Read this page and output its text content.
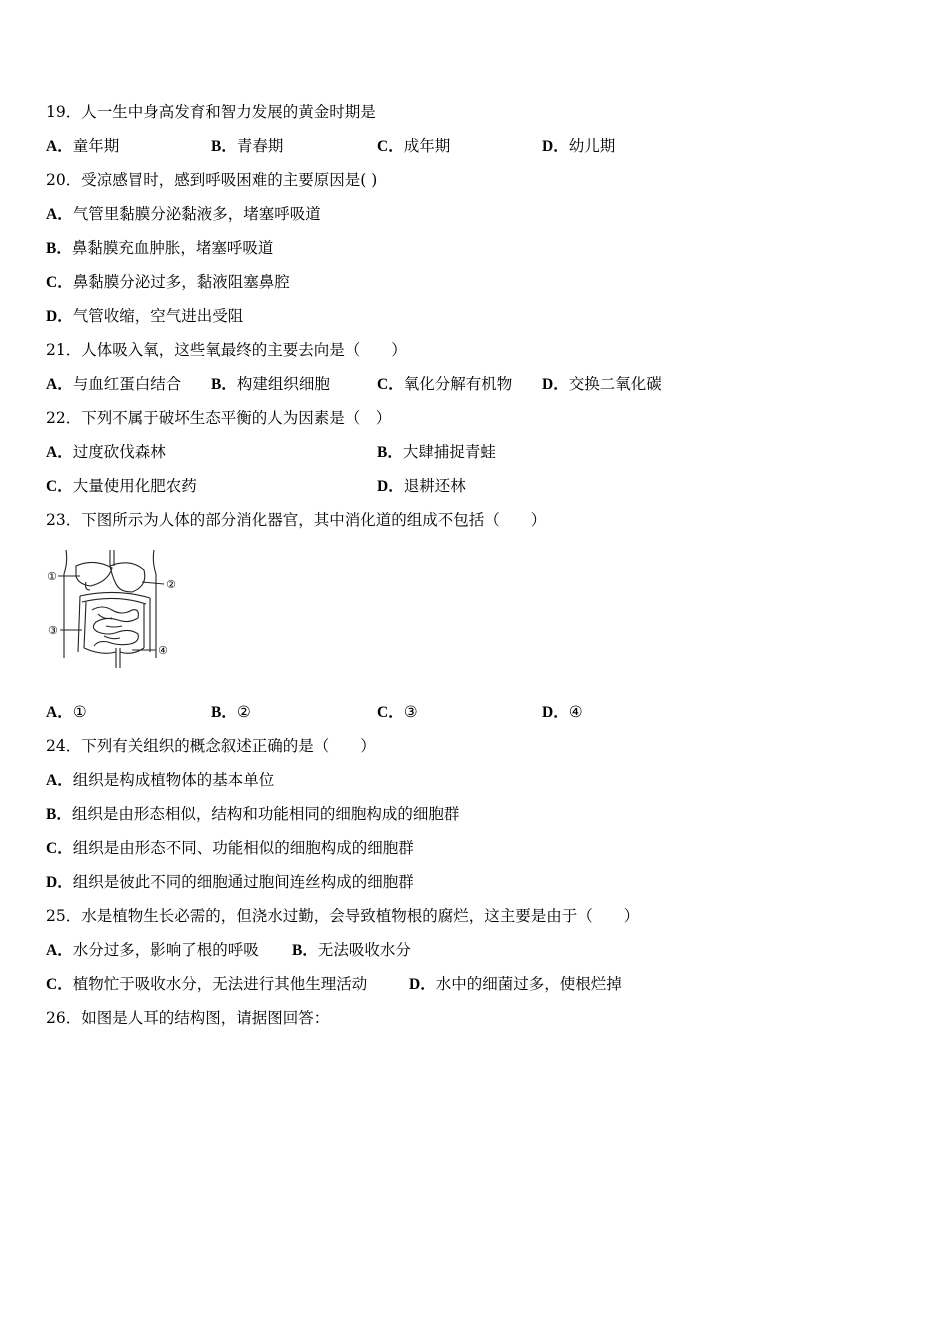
19．人一生中身高发育和智力发展的黄金时期是
A．童年期	B．青春期	C．成年期	D．幼儿期
20．受凉感冒时，感到呼吸困难的主要原因是( )
A．气管里黏膜分泌黏液多，堵塞呼吸道
B．鼻黏膜充血肿胀，堵塞呼吸道
C．鼻黏膜分泌过多，黏液阻塞鼻腔
D．气管收缩，空气进出受阻
21．人体吸入氧，这些氧最终的主要去向是（　　）
A．与血红蛋白结合 B．构建组织细胞	C．氧化分解有机物 D．交换二氧化碳
22．下列不属于破坏生态平衡的人为因素是（　）
A．过度砍伐森林	B．大肆捕捉青蛙
C．大量使用化肥农药	D．退耕还林
23．下图所示为人体的部分消化器官，其中消化道的组成不包括（　　）
①
②
③
④
A．①	B．②	C．③	D．④
24．下列有关组织的概念叙述正确的是（　　）
A．组织是构成植物体的基本单位
B．组织是由形态相似，结构和功能相同的细胞构成的细胞群
C．组织是由形态不同、功能相似的细胞构成的细胞群
D．组织是彼此不同的细胞通过胞间连丝构成的细胞群
25．水是植物生长必需的，但浇水过勤，会导致植物根的腐烂，这主要是由于（　　）
A．水分过多，影响了根的呼吸 B．无法吸收水分
C．植物忙于吸收水分，无法进行其他生理活动	D．水中的细菌过多，使根烂掉
26．如图是人耳的结构图，请据图回答：
